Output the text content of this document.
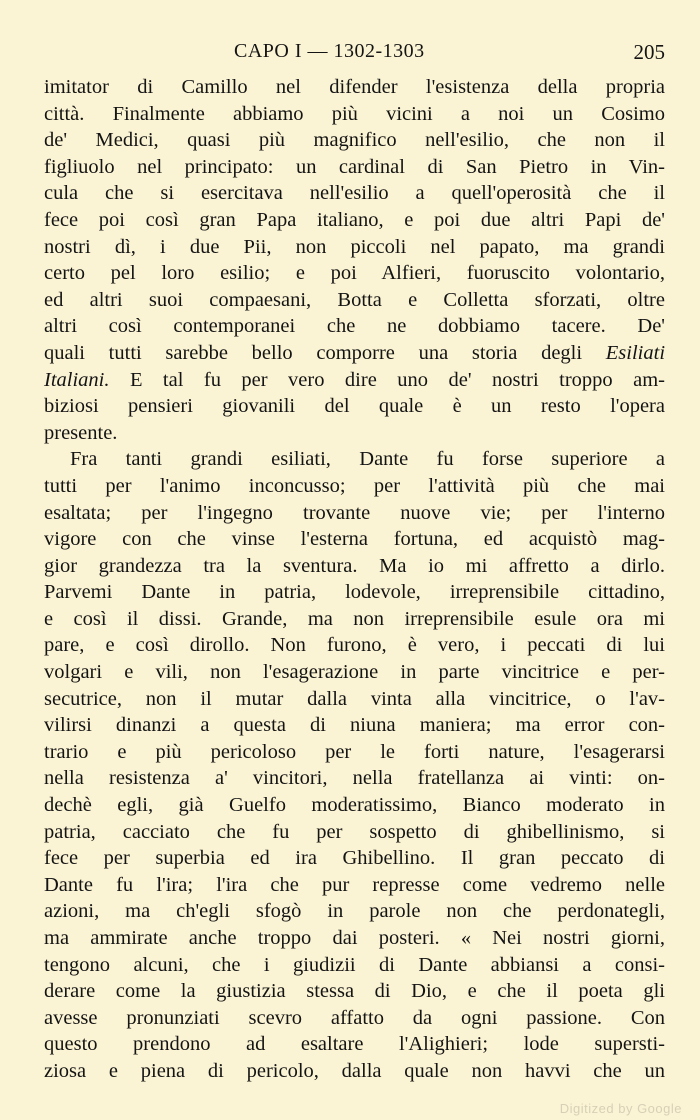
CAPO I — 1302-1303	205
imitator di Camillo nel difender l'esistenza della propria
città. Finalmente abbiamo più vicini a noi un Cosimo
de' Medici, quasi più magnifico nell'esilio, che non il
figliuolo nel principato: un cardinal di San Pietro in Vin-
cula che si esercitava nell'esilio a quell'operosità che il
fece poi così gran Papa italiano, e poi due altri Papi de'
nostri dì, i due Pii, non piccoli nel papato, ma grandi
certo pel loro esilio; e poi Alfieri, fuoruscito volontario,
ed altri suoi compaesani, Botta e Colletta sforzati, oltre
altri così contemporanei che ne dobbiamo tacere. De'
quali tutti sarebbe bello comporre una storia degli Esiliati
Italiani. E tal fu per vero dire uno de' nostri troppo am-
biziosi pensieri giovanili del quale è un resto l'opera
presente.
Fra tanti grandi esiliati, Dante fu forse superiore a
tutti per l'animo inconcusso; per l'attività più che mai
esaltata; per l'ingegno trovante nuove vie; per l'interno
vigore con che vinse l'esterna fortuna, ed acquistò mag-
gior grandezza tra la sventura. Ma io mi affretto a dirlo.
Parvemi Dante in patria, lodevole, irreprensibile cittadino,
e così il dissi. Grande, ma non irreprensibile esule ora mi
pare, e così dirollo. Non furono, è vero, i peccati di lui
volgari e vili, non l'esagerazione in parte vincitrice e per-
secutrice, non il mutar dalla vinta alla vincitrice, o l'av-
vilirsi dinanzi a questa di niuna maniera; ma error con-
trario e più pericoloso per le forti nature, l'esagerarsi
nella resistenza a' vincitori, nella fratellanza ai vinti: on-
dechè egli, già Guelfo moderatissimo, Bianco moderato in
patria, cacciato che fu per sospetto di ghibellinismo, si
fece per superbia ed ira Ghibellino. Il gran peccato di
Dante fu l'ira; l'ira che pur represse come vedremo nelle
azioni, ma ch'egli sfogò in parole non che perdonategli,
ma ammirate anche troppo dai posteri. « Nei nostri giorni,
tengono alcuni, che i giudizii di Dante abbiansi a consi-
derare come la giustizia stessa di Dio, e che il poeta gli
avesse pronunziati scevro affatto da ogni passione. Con
questo prendono ad esaltare l'Alighieri; lode supersti-
ziosa e piena di pericolo, dalla quale non havvi che un
Digitized by Google
